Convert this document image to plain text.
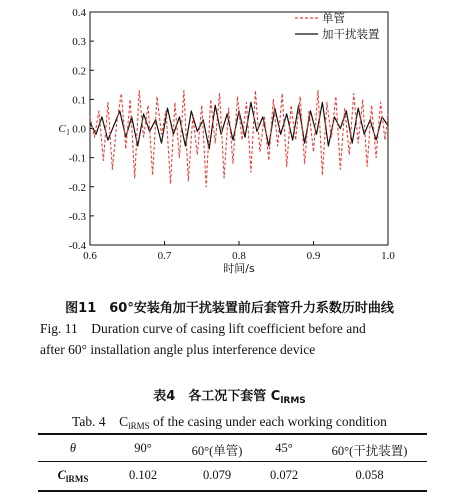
-0.4
-0.3
-0.2
-0.1
0.0
0.1
0.2
0.3
0.4
0.6	0.7	0.8	0.9	1.0
时间/s
C l
单管
加干扰装置
图11　60°安装角加干扰装置前后套管升力系数历时曲线
Fig. 11　Duration curve of casing lift coefficient before and
after 60° installation angle plus interference device
表4　各工况下套管 $C_{lRMS}$
Tab. 4　$C_{lRMS}$ of the casing under each working condition
θ	90°	60°(单管)	45°	60°(干扰装置)
$C_{lRMS}$	0.102	0.079	0.072	0.058
